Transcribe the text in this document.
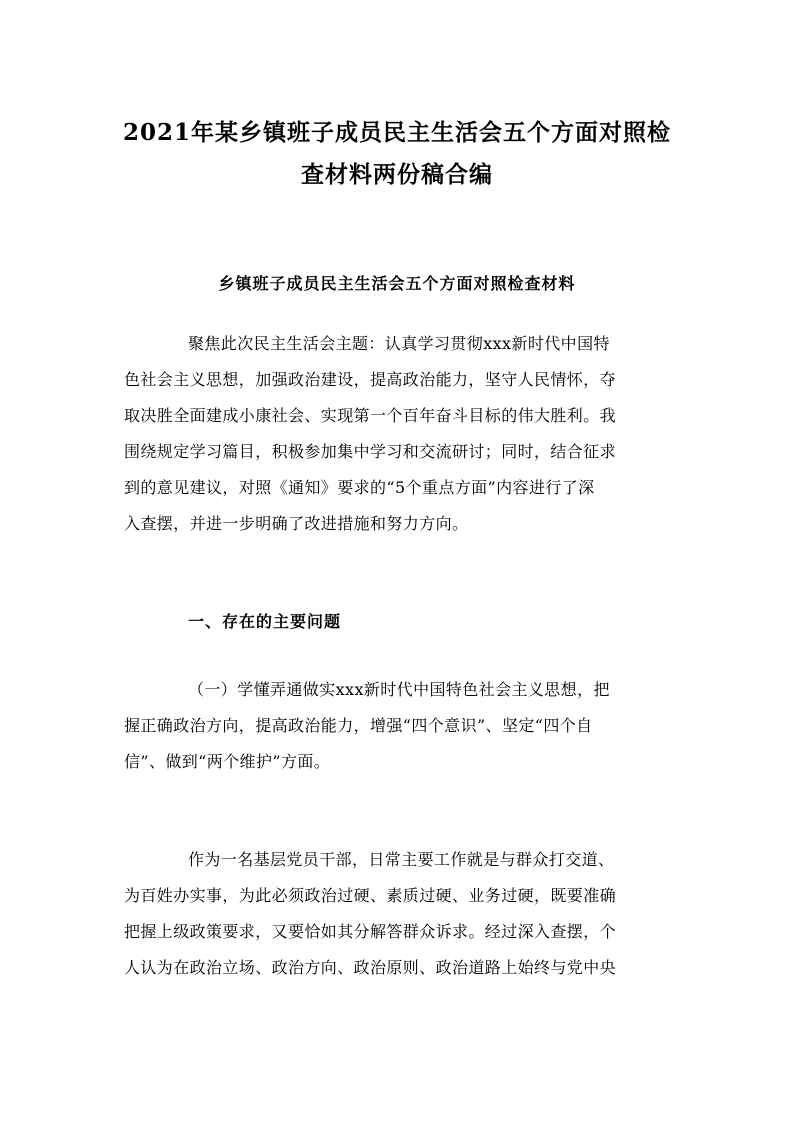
2021年某乡镇班子成员民主生活会五个方面对照检
查材料两份稿合编
乡镇班子成员民主生活会五个方面对照检查材料
聚焦此次民主生活会主题：认真学习贯彻xxx新时代中国特
色社会主义思想，加强政治建设，提高政治能力，坚守人民情怀，夺
取决胜全面建成小康社会、实现第一个百年奋斗目标的伟大胜利。我
围绕规定学习篇目，积极参加集中学习和交流研讨；同时，结合征求
到的意见建议，对照《通知》要求的“5个重点方面”内容进行了深
入查摆，并进一步明确了改进措施和努力方向。
一、存在的主要问题
（一）学懂弄通做实xxx新时代中国特色社会主义思想，把
握正确政治方向，提高政治能力，增强“四个意识”、坚定“四个自
信”、做到“两个维护”方面。
作为一名基层党员干部，日常主要工作就是与群众打交道、
为百姓办实事，为此必须政治过硬、素质过硬、业务过硬，既要准确
把握上级政策要求，又要恰如其分解答群众诉求。经过深入查摆，个
人认为在政治立场、政治方向、政治原则、政治道路上始终与党中央
